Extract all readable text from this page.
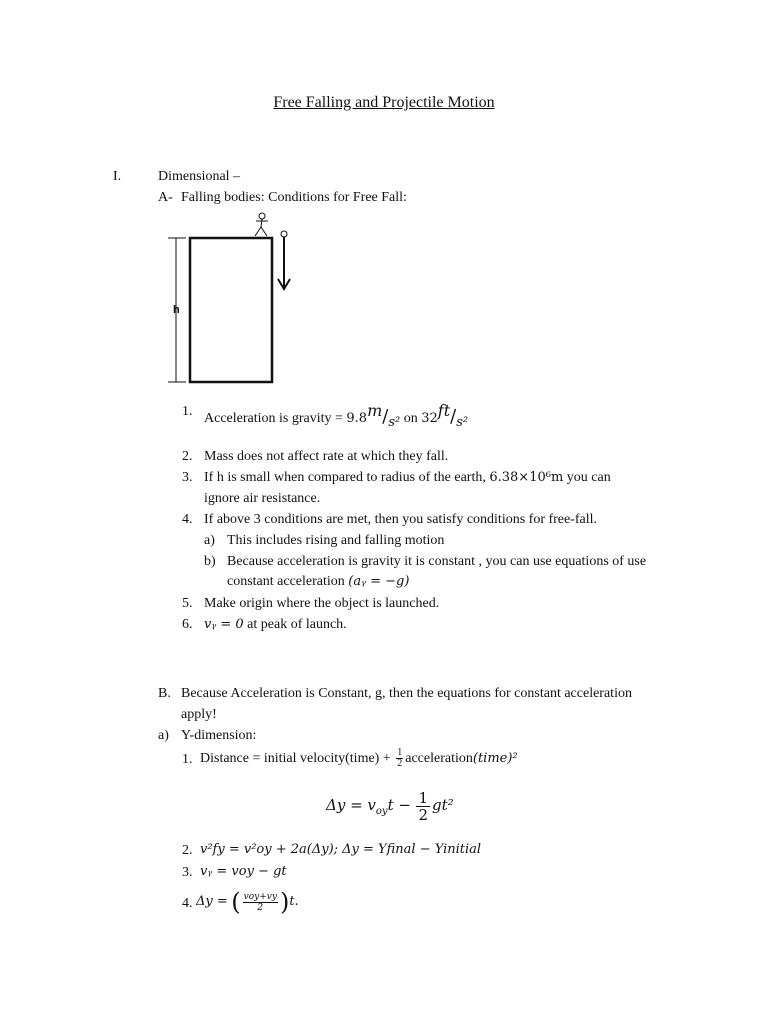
Free Falling and Projectile Motion
I.	Dimensional –
A- Falling bodies: Conditions for Free Fall:
h
1. Acceleration is gravity = 9.8m/s² on 32ft/s²
2. Mass does not affect rate at which they fall.
3. If h is small when compared to radius of the earth, 6.38×10⁶m you can
ignore air resistance.
4. If above 3 conditions are met, then you satisfy conditions for free-fall.
a) This includes rising and falling motion
b) Because acceleration is gravity it is constant , you can use equations of use
constant acceleration (aᵧ = −g)
5. Make origin where the object is launched.
6. vᵧ = 0 at peak of launch.
B. Because Acceleration is Constant, g, then the equations for constant acceleration
apply!
a) Y-dimension:
1. Distance = initial velocity(time) + $\frac{1}{2}$ acceleration(time)²
$\Delta y = v_{oy}t - \frac{1}{2} gt^2$
2. v²fy = v²oy + 2a(Δy); Δy = Yfinal − Yinitial
3. vᵧ = voy − gt
4. Δy = ( $\frac{\text{voy+vy}}{2} )t$.
